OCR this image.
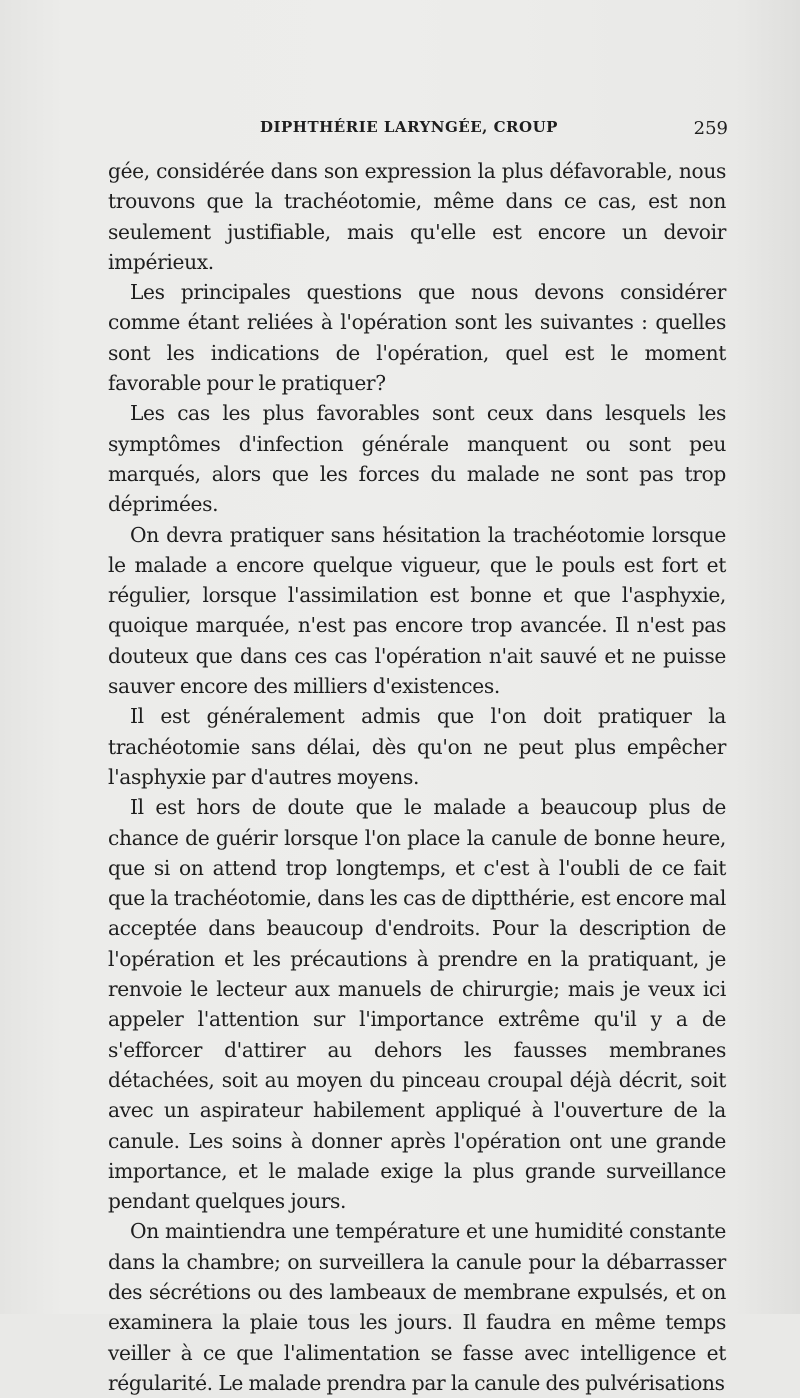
DIPHTHÉRIE LARYNGÉE, CROUP	259

gée, considérée dans son expression la plus défavorable, nous trouvons que la trachéotomie, même dans ce cas, est non seulement justifiable, mais qu'elle est encore un devoir impérieux.

Les principales questions que nous devons considérer comme étant reliées à l'opération sont les suivantes : quelles sont les indications de l'opération, quel est le moment favorable pour le pratiquer?

Les cas les plus favorables sont ceux dans lesquels les symptômes d'infection générale manquent ou sont peu marqués, alors que les forces du malade ne sont pas trop déprimées.

On devra pratiquer sans hésitation la trachéotomie lorsque le malade a encore quelque vigueur, que le pouls est fort et régulier, lorsque l'assimilation est bonne et que l'asphyxie, quoique marquée, n'est pas encore trop avancée. Il n'est pas douteux que dans ces cas l'opération n'ait sauvé et ne puisse sauver encore des milliers d'existences.

Il est généralement admis que l'on doit pratiquer la trachéotomie sans délai, dès qu'on ne peut plus empêcher l'asphyxie par d'autres moyens.

Il est hors de doute que le malade a beaucoup plus de chance de guérir lorsque l'on place la canule de bonne heure, que si on attend trop longtemps, et c'est à l'oubli de ce fait que la trachéotomie, dans les cas de diptthérie, est encore mal acceptée dans beaucoup d'endroits. Pour la description de l'opération et les précautions à prendre en la pratiquant, je renvoie le lecteur aux manuels de chirurgie; mais je veux ici appeler l'attention sur l'importance extrême qu'il y a de s'efforcer d'attirer au dehors les fausses membranes détachées, soit au moyen du pinceau croupal déjà décrit, soit avec un aspirateur habilement appliqué à l'ouverture de la canule. Les soins à donner après l'opération ont une grande importance, et le malade exige la plus grande surveillance pendant quelques jours.

On maintiendra une température et une humidité constante dans la chambre; on surveillera la canule pour la débarrasser des sécrétions ou des lambeaux de membrane expulsés, et on examinera la plaie tous les jours. Il faudra en même temps veiller à ce que l'alimentation se fasse avec intelligence et régularité. Le malade prendra par la canule des pulvérisations
